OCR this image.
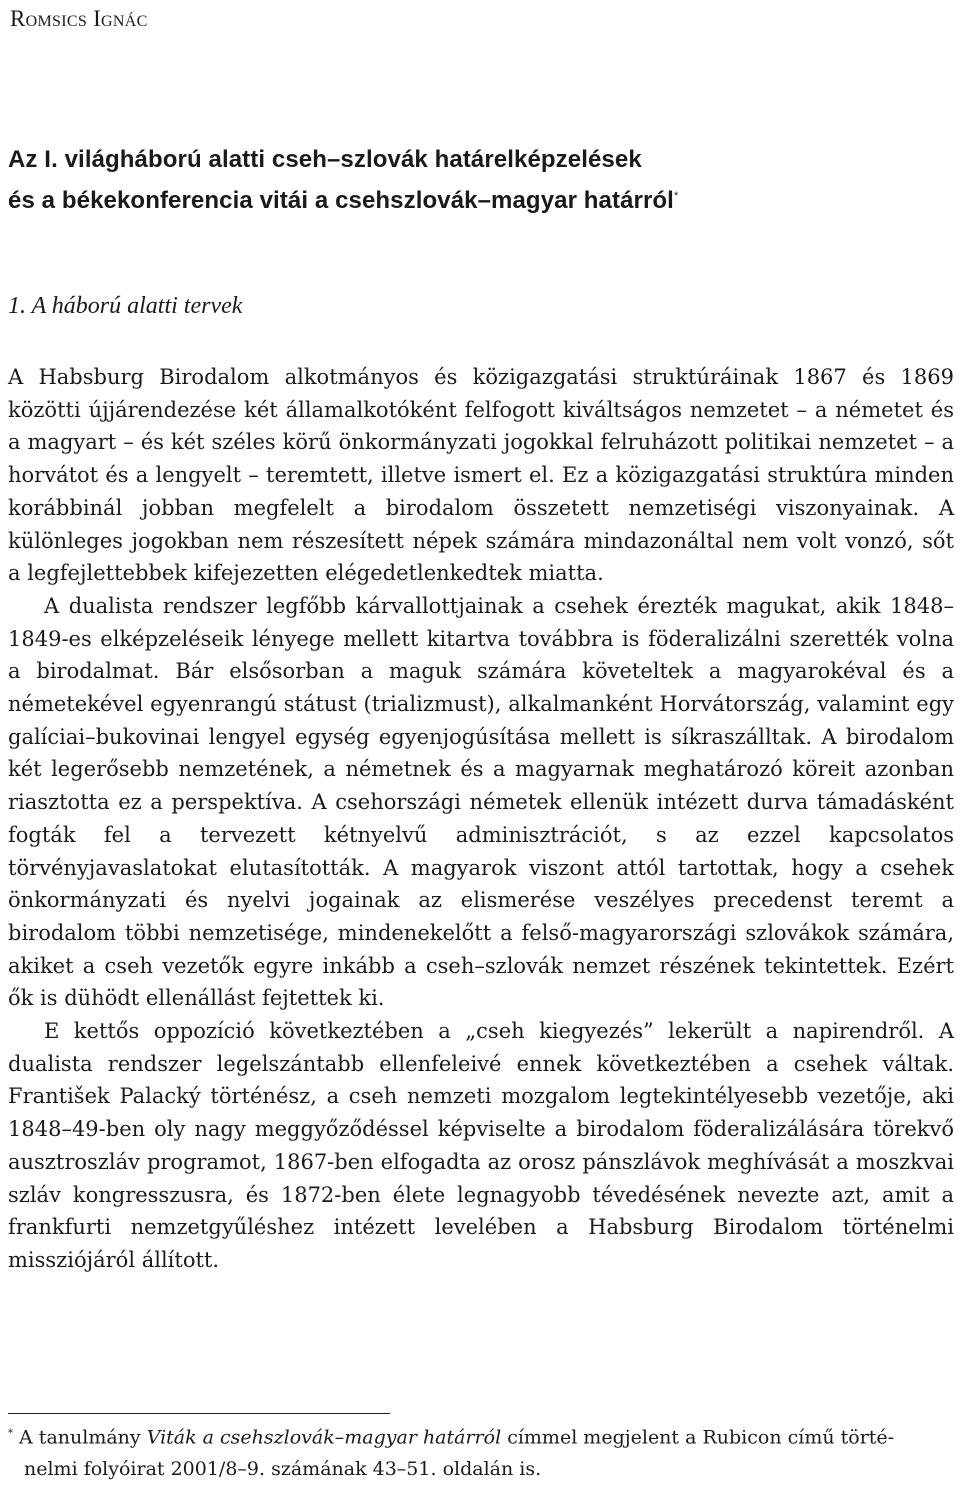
Romsics Ignác
Az I. világháború alatti cseh–szlovák határelképzelések
és a békekonferencia vitái a csehszlovák–magyar határról*
1. A háború alatti tervek

A Habsburg Birodalom alkotmányos és közigazgatási struktúráinak 1867 és 1869 közötti újjárendezése két államalkotóként felfogott kiváltságos nemzetet – a németet és a magyart – és két széles körű önkormányzati jogokkal felruházott politikai nemzetet – a horvátot és a lengyelt – teremtett, illetve ismert el. Ez a közigazgatási struktúra minden korábbinál jobban megfelelt a birodalom összetett nemzetiségi viszonyainak. A különleges jogokban nem részesített népek számára mindazonáltal nem volt vonzó, sőt a legfejlettebbek kifejezetten elégedetlenkedtek miatta.

A dualista rendszer legfőbb kárvallottjainak a csehek érezték magukat, akik 1848–1849-es elképzeléseik lényege mellett kitartva továbbra is föderalizálni szerették volna a birodalmat. Bár elsősorban a maguk számára követeltek a magyarokéval és a németekével egyenrangú státust (trializmust), alkalmanként Horvátország, valamint egy galíciai–bukovinai lengyel egység egyenjogúsítása mellett is síkraszálltak. A birodalom két legerősebb nemzetének, a németnek és a magyarnak meghatározó köreit azonban riasztotta ez a perspektíva. A csehországi németek ellenük intézett durva támadásként fogták fel a tervezett kétnyelvű adminisztrációt, s az ezzel kapcsolatos törvényjavaslatokat elutasították. A magyarok viszont attól tartottak, hogy a csehek önkormányzati és nyelvi jogainak az elismerése veszélyes precedenst teremt a birodalom többi nemzetisége, mindenekelőtt a felső-magyarországi szlovákok számára, akiket a cseh vezetők egyre inkább a cseh–szlovák nemzet részének tekintettek. Ezért ők is dühödt ellenállást fejtettek ki.

E kettős oppozíció következtében a „cseh kiegyezés” lekerült a napirendről. A dualista rendszer legelszántabb ellenfeleivé ennek következtében a csehek váltak. František Palacký történész, a cseh nemzeti mozgalom legtekintélyesebb vezetője, aki 1848–49-ben oly nagy meggyőződéssel képviselte a birodalom föderalizálására törekvő ausztroszláv programot, 1867-ben elfogadta az orosz pánszlávok meghívását a moszkvai szláv kongresszusra, és 1872-ben élete legnagyobb tévedésének nevezte azt, amit a frankfurti nemzetgyűléshez intézett levelében a Habsburg Birodalom történelmi missziójáról állított.

* A tanulmány Viták a csehszlovák–magyar határról címmel megjelent a Rubicon című törté-
nelmi folyóirat 2001/8–9. számának 43–51. oldalán is.
